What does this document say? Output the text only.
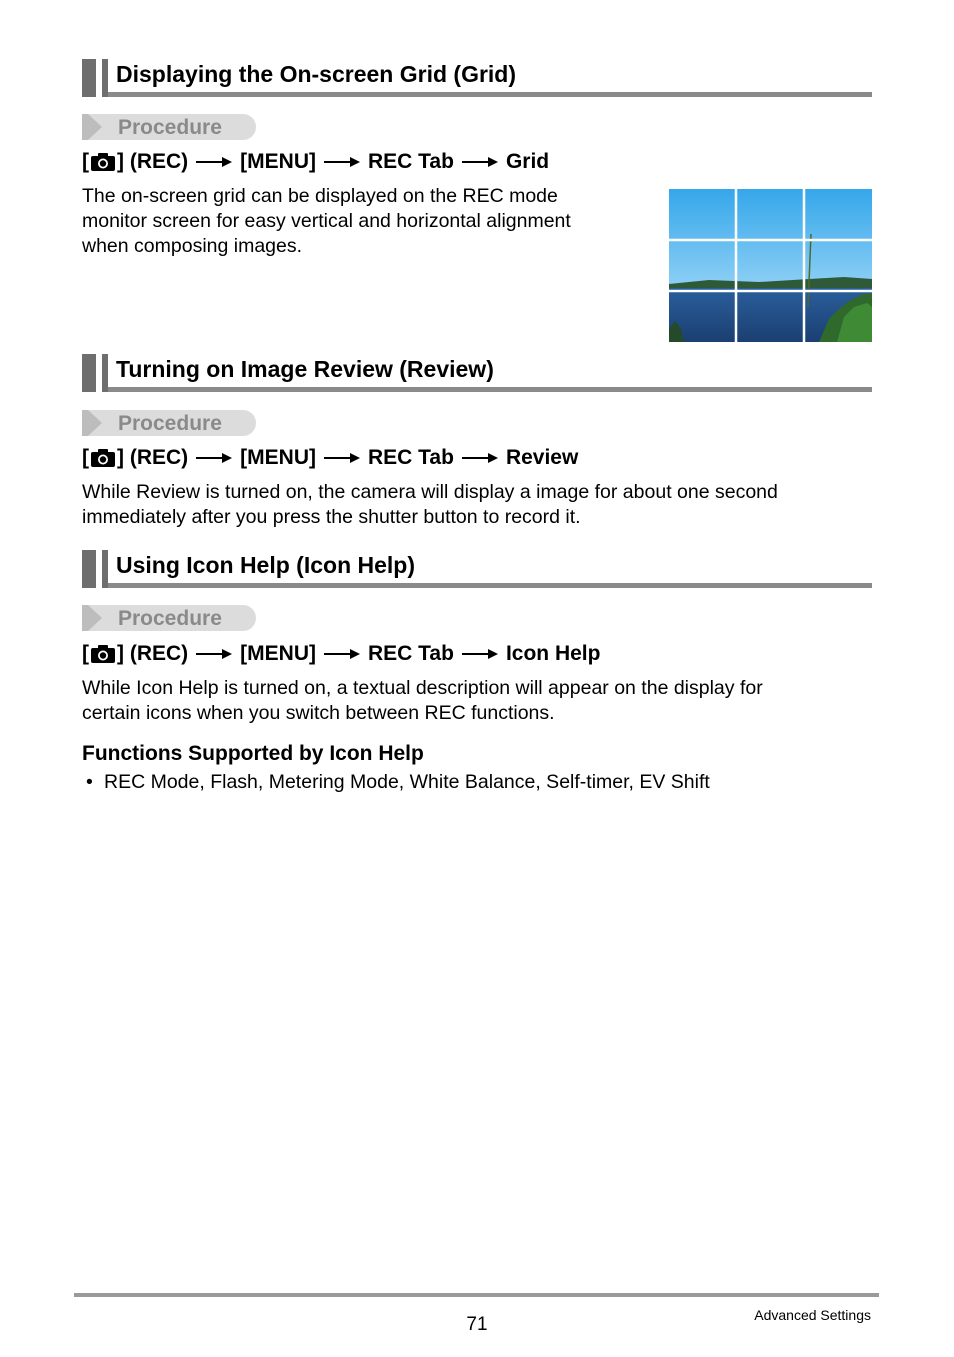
Displaying the On-screen Grid (Grid)
Procedure
[ ] (REC) [MENU] REC Tab Grid
The on-screen grid can be displayed on the REC mode
monitor screen for easy vertical and horizontal alignment
when composing images.
Turning on Image Review (Review)
Procedure
[ ] (REC) [MENU] REC Tab Review
While Review is turned on, the camera will display a image for about one second
immediately after you press the shutter button to record it.
Using Icon Help (Icon Help)
Procedure
[ ] (REC) [MENU] REC Tab Icon Help
While Icon Help is turned on, a textual description will appear on the display for
certain icons when you switch between REC functions.
Functions Supported by Icon Help
• REC Mode, Flash, Metering Mode, White Balance, Self-timer, EV Shift
71	Advanced Settings
